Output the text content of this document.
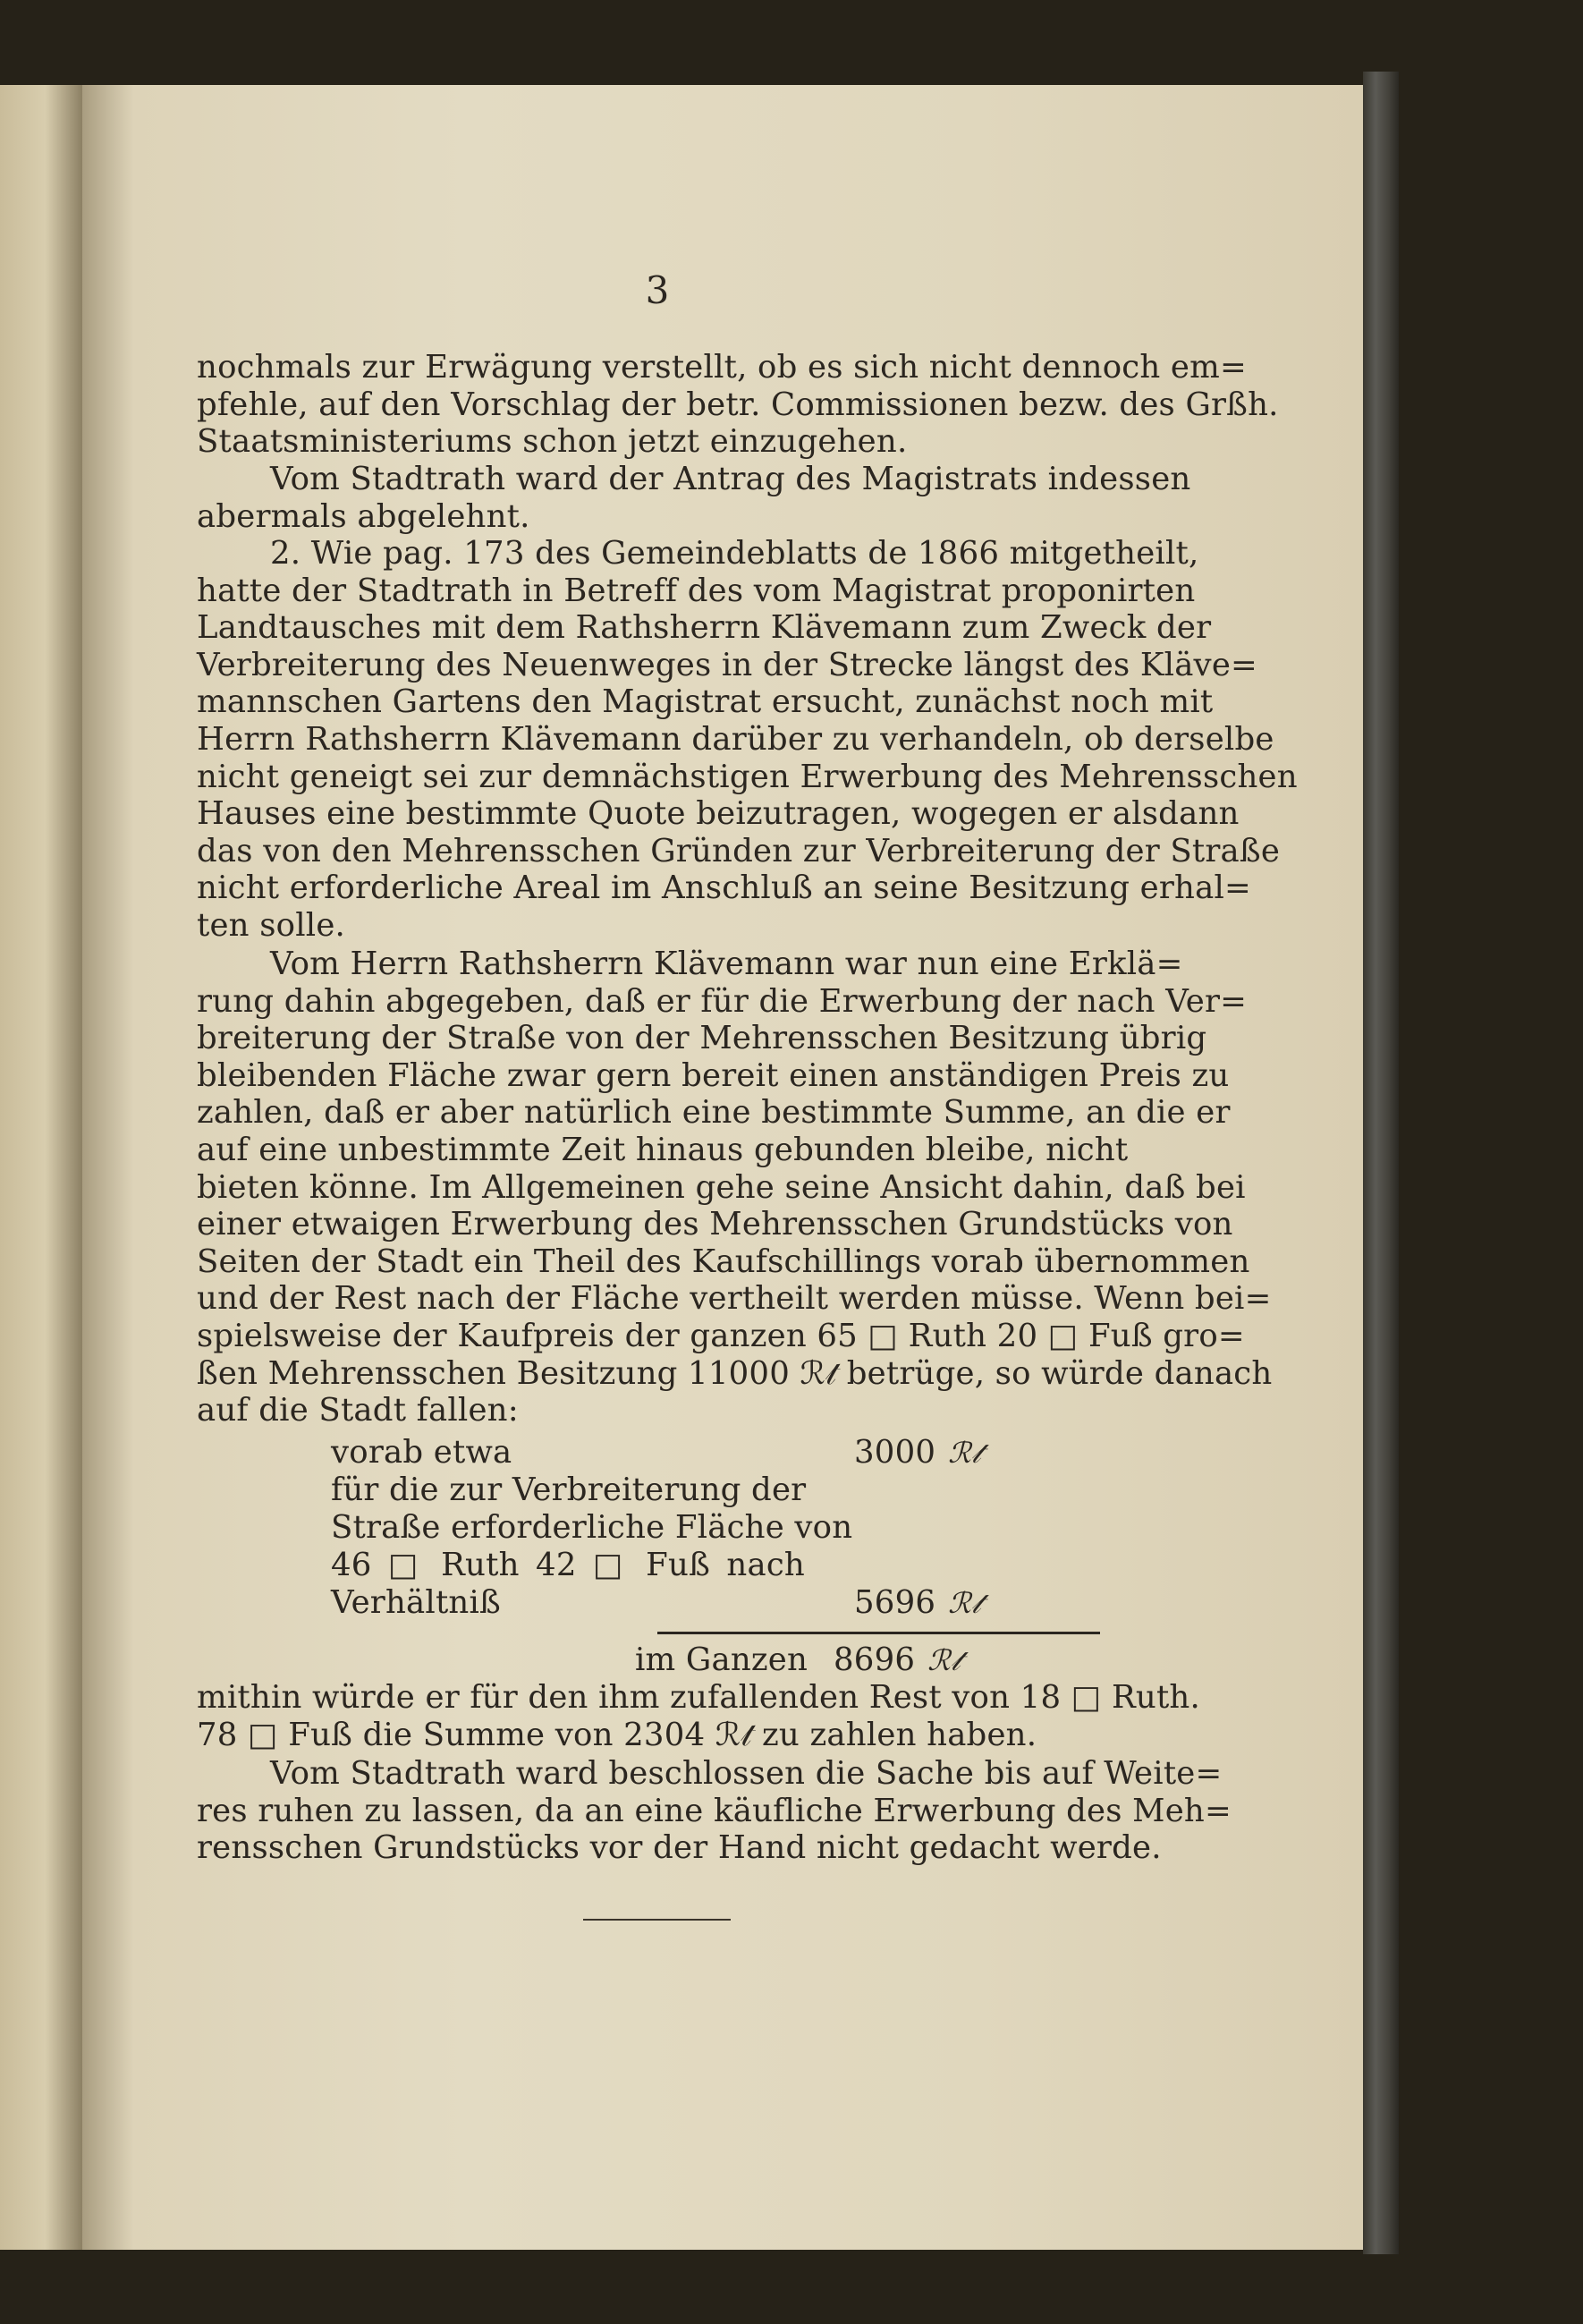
3
nochmals zur Erwägung verstellt, ob es sich nicht dennoch em=
pfehle, auf den Vorschlag der betr. Commissionen bezw. des Grßh.
Staatsministeriums schon jetzt einzugehen.
Vom Stadtrath ward der Antrag des Magistrats indessen
abermals abgelehnt.
2. Wie pag. 173 des Gemeindeblatts de 1866 mitgetheilt,
hatte der Stadtrath in Betreff des vom Magistrat proponirten
Landtausches mit dem Rathsherrn Klävemann zum Zweck der
Verbreiterung des Neuenweges in der Strecke längst des Kläve=
mannschen Gartens den Magistrat ersucht, zunächst noch mit
Herrn Rathsherrn Klävemann darüber zu verhandeln, ob derselbe
nicht geneigt sei zur demnächstigen Erwerbung des Mehrensschen
Hauses eine bestimmte Quote beizutragen, wogegen er alsdann
das von den Mehrensschen Gründen zur Verbreiterung der Straße
nicht erforderliche Areal im Anschluß an seine Besitzung erhal=
ten solle.
Vom Herrn Rathsherrn Klävemann war nun eine Erklä=
rung dahin abgegeben, daß er für die Erwerbung der nach Ver=
breiterung der Straße von der Mehrensschen Besitzung übrig
bleibenden Fläche zwar gern bereit einen anständigen Preis zu
zahlen, daß er aber natürlich eine bestimmte Summe, an die er
auf eine unbestimmte Zeit hinaus gebunden bleibe, nicht
bieten könne. Im Allgemeinen gehe seine Ansicht dahin, daß bei
einer etwaigen Erwerbung des Mehrensschen Grundstücks von
Seiten der Stadt ein Theil des Kaufschillings vorab übernommen
und der Rest nach der Fläche vertheilt werden müsse. Wenn bei=
spielsweise der Kaufpreis der ganzen 65 □ Ruth 20 □ Fuß gro=
ßen Mehrensschen Besitzung 11000 ℛ𝓉 betrüge, so würde danach
auf die Stadt fallen:
vorab etwa	3000 ℛ𝓉
für die zur Verbreiterung der
Straße erforderliche Fläche von
46 □ Ruth 42 □ Fuß nach
Verhältniß	5696 ℛ𝓉
im Ganzen 8696 ℛ𝓉
mithin würde er für den ihm zufallenden Rest von 18 □ Ruth.
78 □ Fuß die Summe von 2304 ℛ𝓉 zu zahlen haben.
Vom Stadtrath ward beschlossen die Sache bis auf Weite=
res ruhen zu lassen, da an eine käufliche Erwerbung des Meh=
rensschen Grundstücks vor der Hand nicht gedacht werde.
